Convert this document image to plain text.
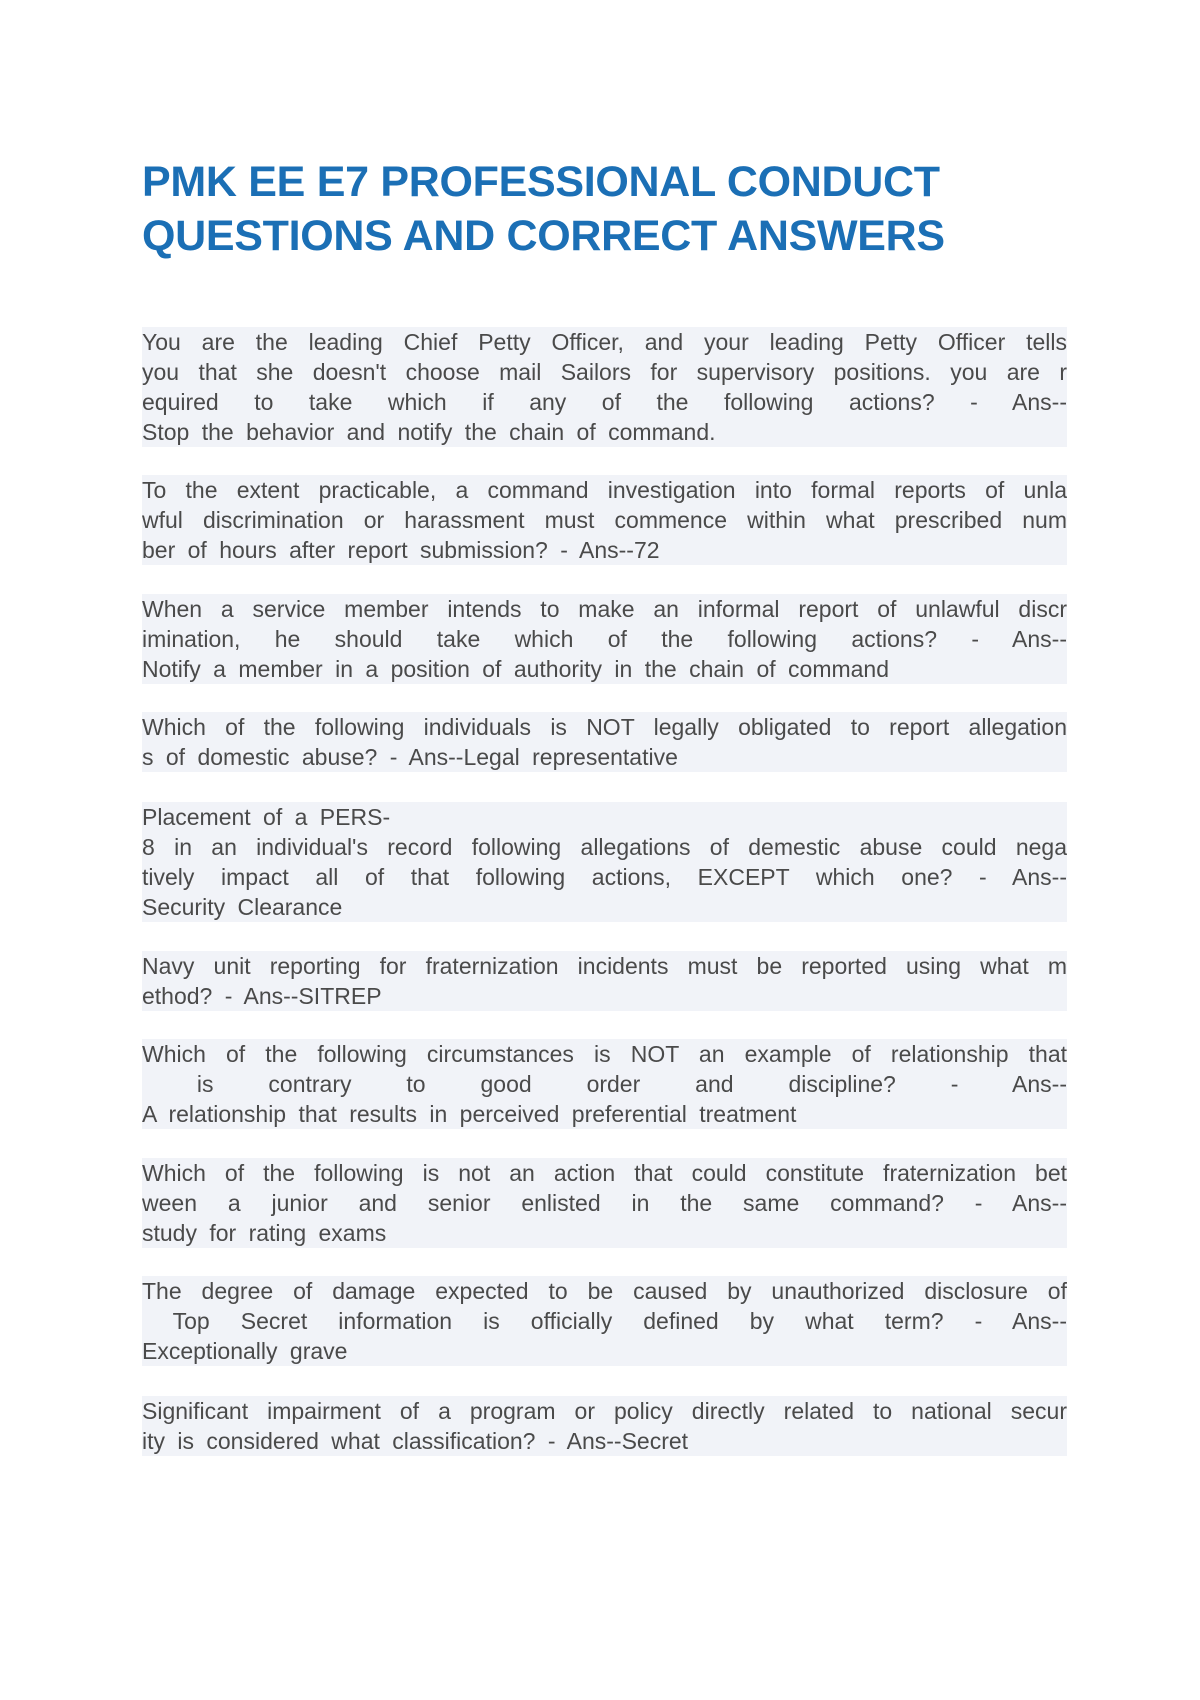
PMK EE E7 PROFESSIONAL CONDUCT
QUESTIONS AND CORRECT ANSWERS
You are the leading Chief Petty Officer, and your leading Petty Officer tells
you that she doesn't choose mail Sailors for supervisory positions. you are r
equired to take which if any of the following actions? - Ans--
Stop the behavior and notify the chain of command.
To the extent practicable, a command investigation into formal reports of unla
wful discrimination or harassment must commence within what prescribed num
ber of hours after report submission? - Ans--72
When a service member intends to make an informal report of unlawful discr
imination, he should take which of the following actions? - Ans--
Notify a member in a position of authority in the chain of command
Which of the following individuals is NOT legally obligated to report allegation
s of domestic abuse? - Ans--Legal representative
Placement of a PERS-
8 in an individual's record following allegations of demestic abuse could nega
tively impact all of that following actions, EXCEPT which one? - Ans--
Security Clearance
Navy unit reporting for fraternization incidents must be reported using what m
ethod? - Ans--SITREP
Which of the following circumstances is NOT an example of relationship that
is contrary to good order and discipline? - Ans--
A relationship that results in perceived preferential treatment
Which of the following is not an action that could constitute fraternization bet
ween a junior and senior enlisted in the same command? - Ans--
study for rating exams
The degree of damage expected to be caused by unauthorized disclosure of
Top Secret information is officially defined by what term? - Ans--
Exceptionally grave
Significant impairment of a program or policy directly related to national secur
ity is considered what classification? - Ans--Secret
